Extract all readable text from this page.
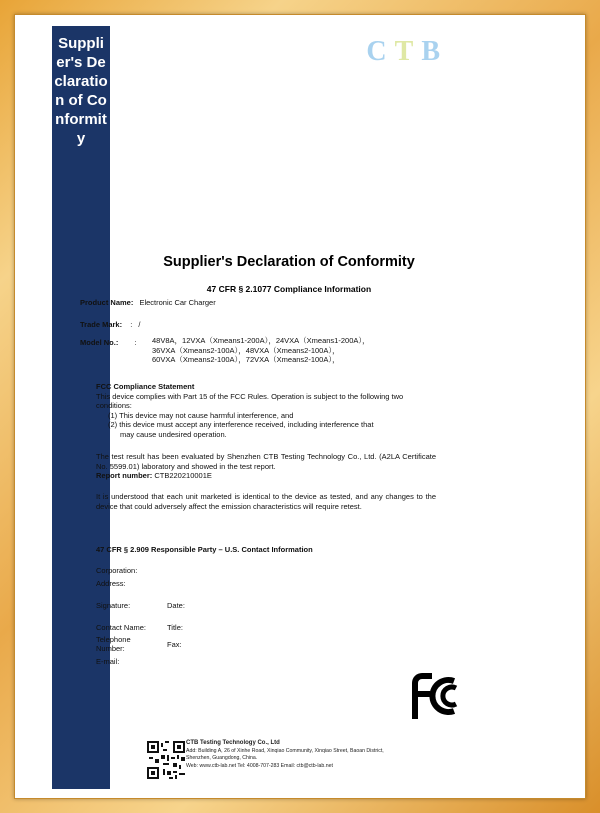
Supplier's Declaration of Conformity
CTB
Supplier's Declaration of Conformity
47 CFR § 2.1077 Compliance Information
Product Name: Electronic Car Charger
Trade Mark: : /
Model No.: : 48V8A，12VXA（Xmeans1-200A），24VXA（Xmeans1-200A），
36VXA（Xmeans2-100A），48VXA（Xmeans2-100A），
60VXA（Xmeans2-100A），72VXA（Xmeans2-100A），
FCC Compliance Statement
This device complies with Part 15 of the FCC Rules. Operation is subject to the following two conditions:
(1) This device may not cause harmful interference, and
(2) this device must accept any interference received, including interference that
may cause undesired operation.
The test result has been evaluated by Shenzhen CTB Testing Technology Co., Ltd. (A2LA Certificate No. 5599.01) laboratory and showed in the test report.
Report number: CTB220210001E
It is understood that each unit marketed is identical to the device as tested, and any changes to the device that could adversely affect the emission characteristics will require retest.
47 CFR § 2.909 Responsible Party – U.S. Contact Information
Corporation:
Address:
Signature:	Date:
Contact Name:	Title:
Telephone Number:	Fax:
E-mail:
CTB Testing Technology Co., Ltd
Add: Building A, 26 of Xinhe Road, Xinqiao Community, Xinqiao Street, Baoan District,
Shenzhen, Guangdong, China.
Web: www.ctb-lab.net Tel: 4008-707-283 Email: ctb@ctb-lab.net
